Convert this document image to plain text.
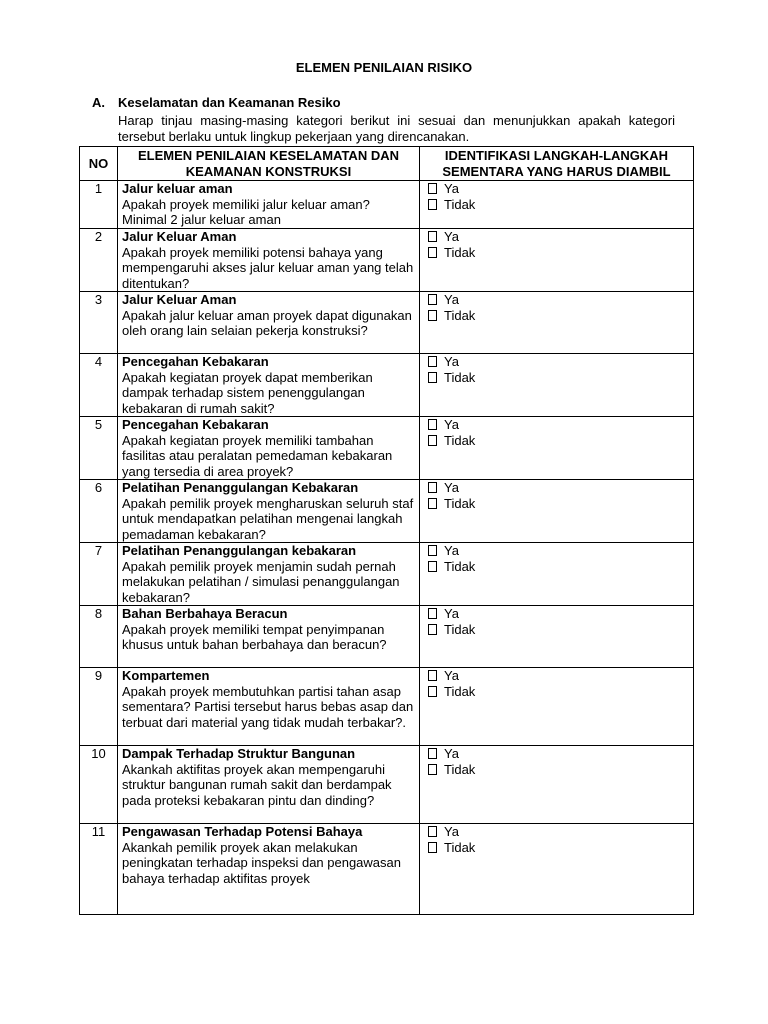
ELEMEN PENILAIAN RISIKO
A. Keselamatan dan Keamanan Resiko
Harap tinjau masing-masing kategori berikut ini sesuai dan menunjukkan apakah kategori tersebut berlaku untuk lingkup pekerjaan yang direncanakan.
NO	ELEMEN PENILAIAN KESELAMATAN DAN KEAMANAN KONSTRUKSI	IDENTIFIKASI LANGKAH-LANGKAH SEMENTARA YANG HARUS DIAMBIL
1	Jalur keluar aman
Apakah proyek memiliki jalur keluar aman? Minimal 2 jalur keluar aman	Ya
Tidak

2	Jalur Keluar Aman
Apakah proyek memiliki potensi bahaya yang mempengaruhi akses jalur keluar aman yang telah ditentukan?	Ya
Tidak

3	Jalur Keluar Aman
Apakah jalur keluar aman proyek dapat digunakan oleh orang lain selaian pekerja konstruksi?	Ya
Tidak

4	Pencegahan Kebakaran
Apakah kegiatan proyek dapat memberikan dampak terhadap sistem penenggulangan kebakaran di rumah sakit?	Ya
Tidak

5	Pencegahan Kebakaran
Apakah kegiatan proyek memiliki tambahan fasilitas atau peralatan pemedaman kebakaran yang tersedia di area proyek?	Ya
Tidak

6	Pelatihan Penanggulangan Kebakaran
Apakah pemilik proyek mengharuskan seluruh staf untuk mendapatkan pelatihan mengenai langkah pemadaman kebakaran?	Ya
Tidak

7	Pelatihan Penanggulangan kebakaran
Apakah pemilik proyek menjamin sudah pernah melakukan pelatihan / simulasi penanggulangan kebakaran?	Ya
Tidak

8	Bahan Berbahaya Beracun
Apakah proyek memiliki tempat penyimpanan khusus untuk bahan berbahaya dan beracun?	Ya
Tidak

9	Kompartemen
Apakah proyek membutuhkan partisi tahan asap sementara? Partisi tersebut harus bebas asap dan terbuat dari material yang tidak mudah terbakar?.	Ya
Tidak

10	Dampak Terhadap Struktur Bangunan
Akankah aktifitas proyek akan mempengaruhi struktur bangunan rumah sakit dan berdampak pada proteksi kebakaran pintu dan dinding?	Ya
Tidak

11	Pengawasan Terhadap Potensi Bahaya
Akankah pemilik proyek akan melakukan peningkatan terhadap inspeksi dan pengawasan bahaya terhadap aktifitas proyek	Ya
Tidak
